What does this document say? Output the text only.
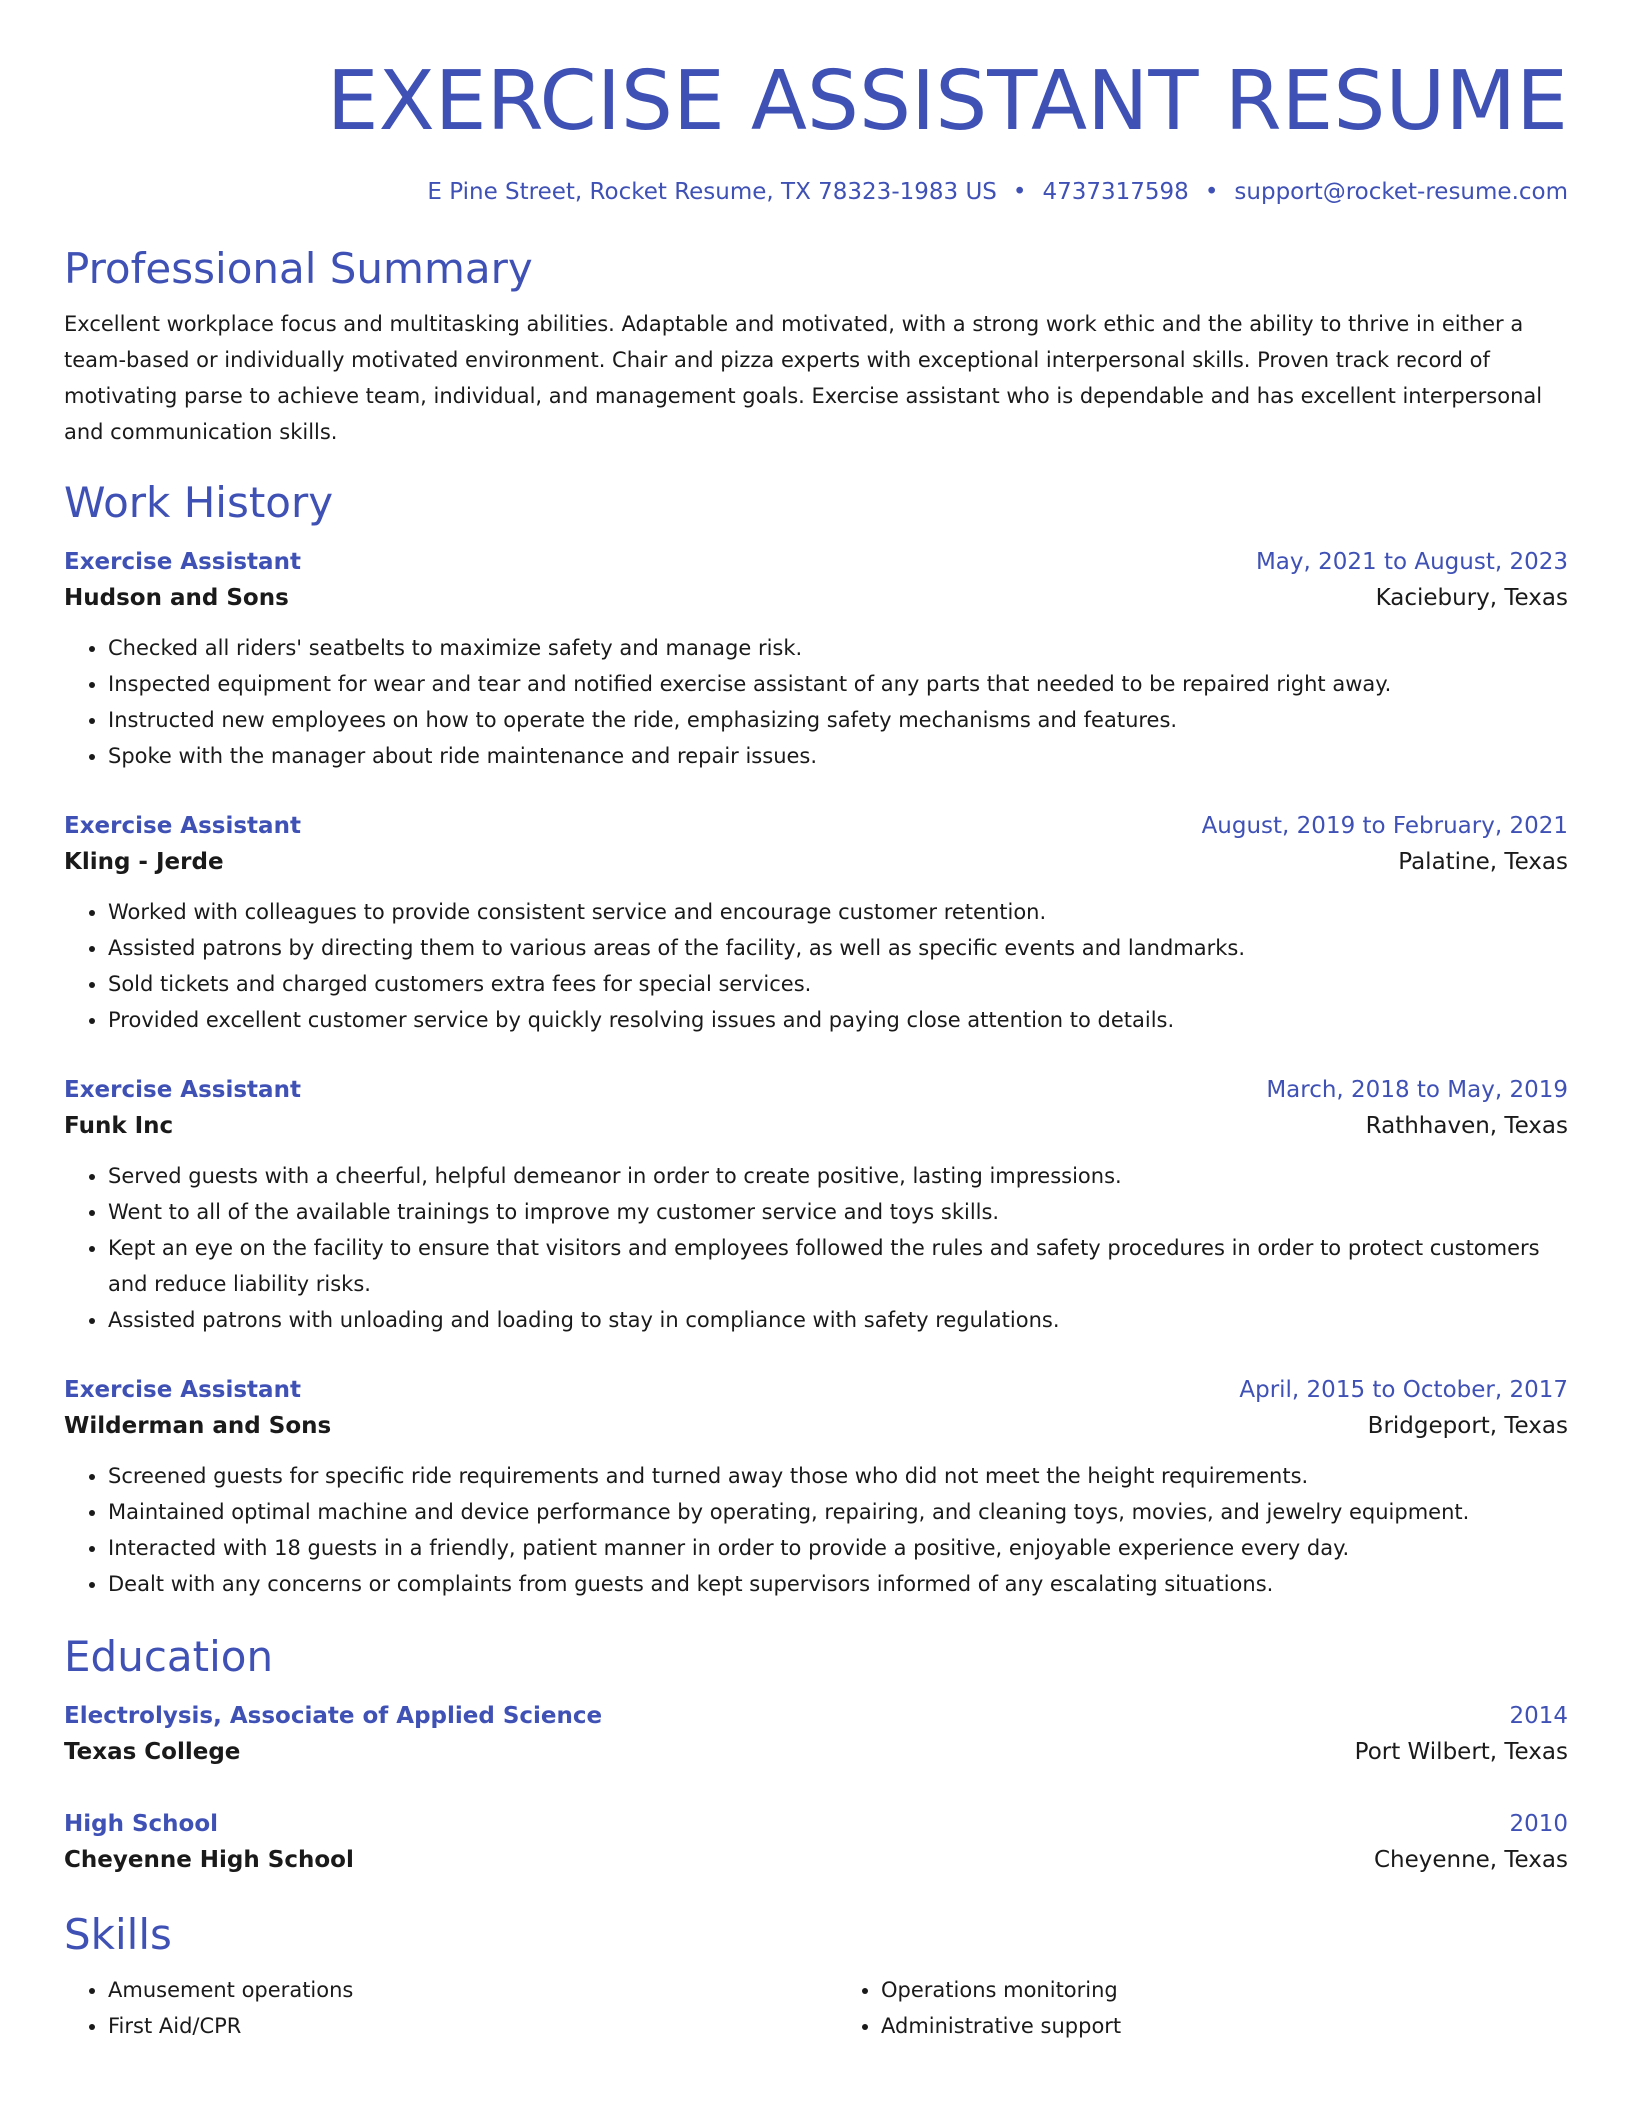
EXERCISE ASSISTANT RESUME
E Pine Street, Rocket Resume, TX 78323-1983 US • 4737317598 • support@rocket-resume.com
Professional Summary
Excellent workplace focus and multitasking abilities. Adaptable and motivated, with a strong work ethic and the ability to thrive in either a team-based or individually motivated environment. Chair and pizza experts with exceptional interpersonal skills. Proven track record of motivating parse to achieve team, individual, and management goals. Exercise assistant who is dependable and has excellent interpersonal and communication skills.
Work History
Exercise Assistant	May, 2021 to August, 2023
Hudson and Sons	Kaciebury, Texas
• Checked all riders' seatbelts to maximize safety and manage risk.
• Inspected equipment for wear and tear and notified exercise assistant of any parts that needed to be repaired right away.
• Instructed new employees on how to operate the ride, emphasizing safety mechanisms and features.
• Spoke with the manager about ride maintenance and repair issues.
Exercise Assistant	August, 2019 to February, 2021
Kling - Jerde	Palatine, Texas
• Worked with colleagues to provide consistent service and encourage customer retention.
• Assisted patrons by directing them to various areas of the facility, as well as specific events and landmarks.
• Sold tickets and charged customers extra fees for special services.
• Provided excellent customer service by quickly resolving issues and paying close attention to details.
Exercise Assistant	March, 2018 to May, 2019
Funk Inc	Rathhaven, Texas
• Served guests with a cheerful, helpful demeanor in order to create positive, lasting impressions.
• Went to all of the available trainings to improve my customer service and toys skills.
• Kept an eye on the facility to ensure that visitors and employees followed the rules and safety procedures in order to protect customers and reduce liability risks.
• Assisted patrons with unloading and loading to stay in compliance with safety regulations.
Exercise Assistant	April, 2015 to October, 2017
Wilderman and Sons	Bridgeport, Texas
• Screened guests for specific ride requirements and turned away those who did not meet the height requirements.
• Maintained optimal machine and device performance by operating, repairing, and cleaning toys, movies, and jewelry equipment.
• Interacted with 18 guests in a friendly, patient manner in order to provide a positive, enjoyable experience every day.
• Dealt with any concerns or complaints from guests and kept supervisors informed of any escalating situations.
Education
Electrolysis, Associate of Applied Science	2014
Texas College	Port Wilbert, Texas
High School	2010
Cheyenne High School	Cheyenne, Texas
Skills
• Amusement operations
• First Aid/CPR
• Operations monitoring
• Administrative support
